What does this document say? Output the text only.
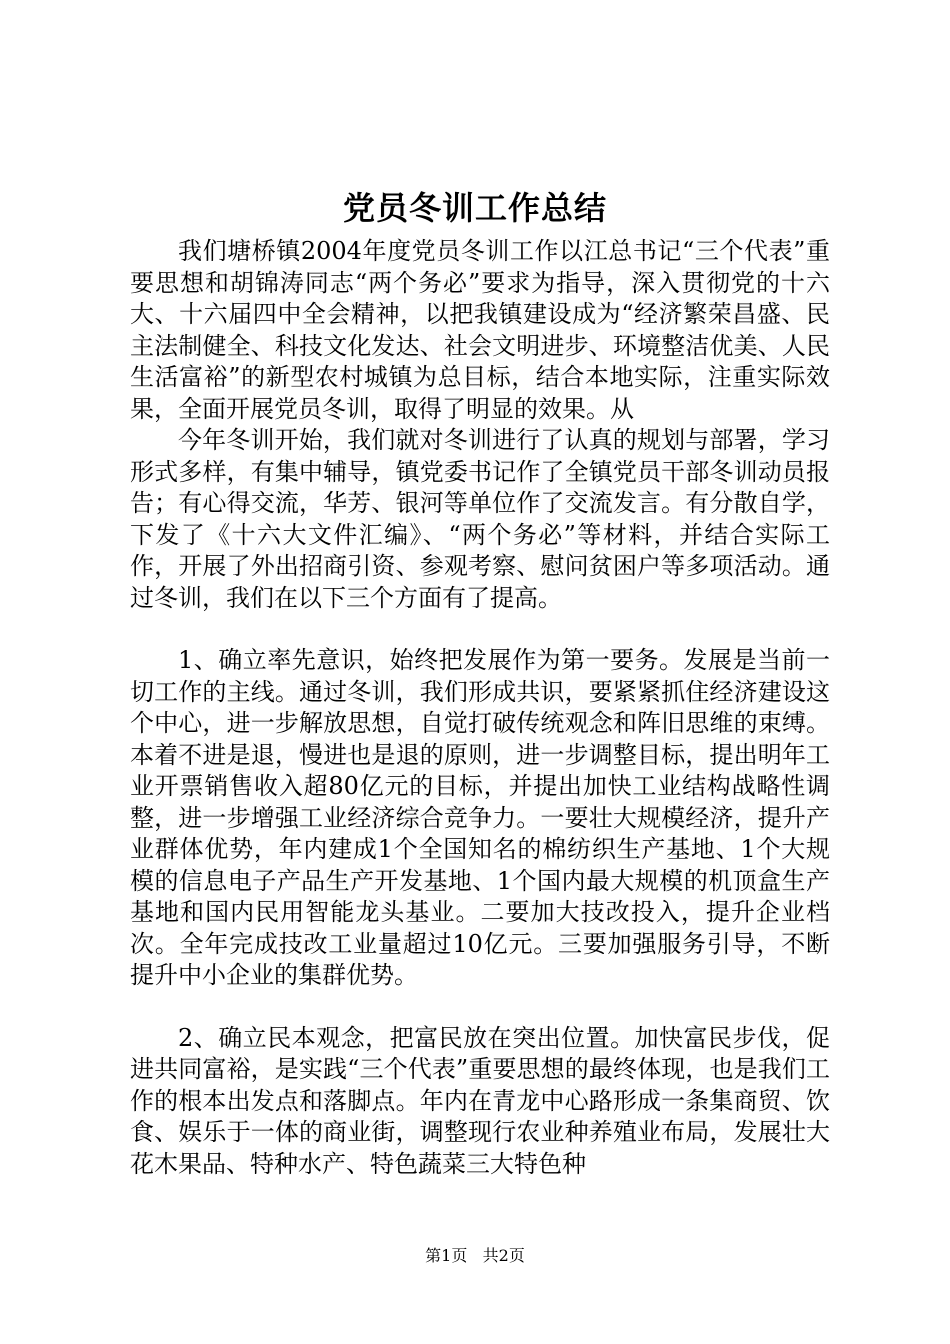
党员冬训工作总结

我们塘桥镇2004年度党员冬训工作以江总书记“三个代表”重要思想和胡锦涛同志“两个务必”要求为指导，深入贯彻党的十六大、十六届四中全会精神，以把我镇建设成为“经济繁荣昌盛、民主法制健全、科技文化发达、社会文明进步、环境整洁优美、人民生活富裕”的新型农村城镇为总目标，结合本地实际，注重实际效果，全面开展党员冬训，取得了明显的效果。从

今年冬训开始，我们就对冬训进行了认真的规划与部署，学习形式多样，有集中辅导，镇党委书记作了全镇党员干部冬训动员报告；有心得交流，华芳、银河等单位作了交流发言。有分散自学，下发了《十六大文件汇编》、“两个务必”等材料，并结合实际工作，开展了外出招商引资、参观考察、慰问贫困户等多项活动。通过冬训，我们在以下三个方面有了提高。

1、确立率先意识，始终把发展作为第一要务。发展是当前一切工作的主线。通过冬训，我们形成共识，要紧紧抓住经济建设这个中心，进一步解放思想，自觉打破传统观念和阵旧思维的束缚。本着不进是退，慢进也是退的原则，进一步调整目标，提出明年工业开票销售收入超80亿元的目标，并提出加快工业结构战略性调整，进一步增强工业经济综合竞争力。一要壮大规模经济，提升产业群体优势，年内建成1个全国知名的棉纺织生产基地、1个大规模的信息电子产品生产开发基地、1个国内最大规模的机顶盒生产基地和国内民用智能龙头基业。二要加大技改投入，提升企业档次。全年完成技改工业量超过10亿元。三要加强服务引导，不断提升中小企业的集群优势。

2、确立民本观念，把富民放在突出位置。加快富民步伐，促进共同富裕，是实践“三个代表”重要思想的最终体现，也是我们工作的根本出发点和落脚点。年内在青龙中心路形成一条集商贸、饮食、娱乐于一体的商业街，调整现行农业种养殖业布局，发展壮大花木果品、特种水产、特色蔬菜三大特色种

第1页 共2页
